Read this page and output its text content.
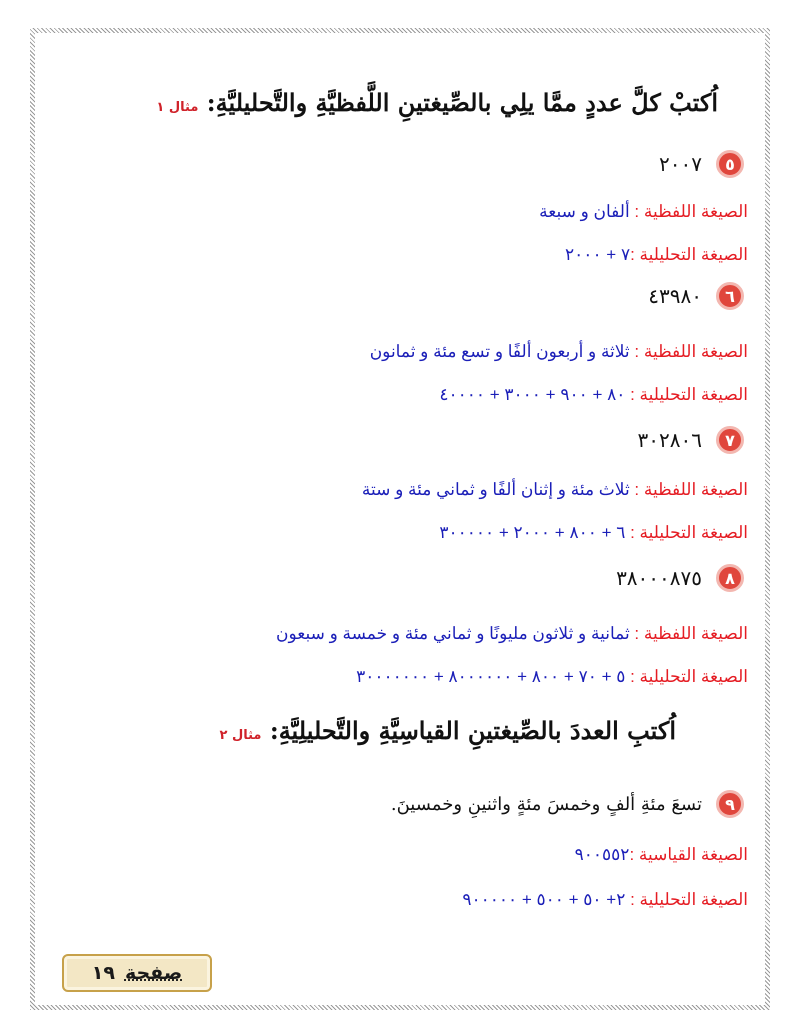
اُكتبْ كلَّ عددٍ ممَّا يلِي بالصِّيغتينِ اللَّفظيَّةِ والتَّحليليَّةِ: مثال ١
٥
٢٠٠٧
الصيغة اللفظية : ألفان و سبعة
الصيغة التحليلية :٧ + ٢٠٠٠
٦
٤٣٩٨٠
الصيغة اللفظية : ثلاثة و أربعون ألفًا و تسع مئة و ثمانون
الصيغة التحليلية : ٨٠ + ٩٠٠ + ٣٠٠٠ + ٤٠٠٠٠
٧
٣٠٢٨٠٦
الصيغة اللفظية : ثلاث مئة و إثنان ألفًا و ثماني مئة و ستة
الصيغة التحليلية : ٦ + ٨٠٠ + ٢٠٠٠ + ٣٠٠٠٠٠
٨
٣٨٠٠٠٨٧٥
الصيغة اللفظية : ثمانية و ثلاثون مليونًا و ثماني مئة و خمسة و سبعون
الصيغة التحليلية : ٥ + ٧٠ + ٨٠٠ + ٨٠٠٠٠٠٠ + ٣٠٠٠٠٠٠٠
اُكتبِ العددَ بالصِّيغتينِ القياسِيَّةِ والتَّحليلِيَّةِ: مثال ٢
٩
تسعَ مئةِ ألفٍ وخمسَ مئةٍ واثنينِ وخمسينَ.
الصيغة القياسية :٩٠٠٥٥٢
الصيغة التحليلية : ٢+ ٥٠ + ٥٠٠ + ٩٠٠٠٠٠
صفحة
١٩
